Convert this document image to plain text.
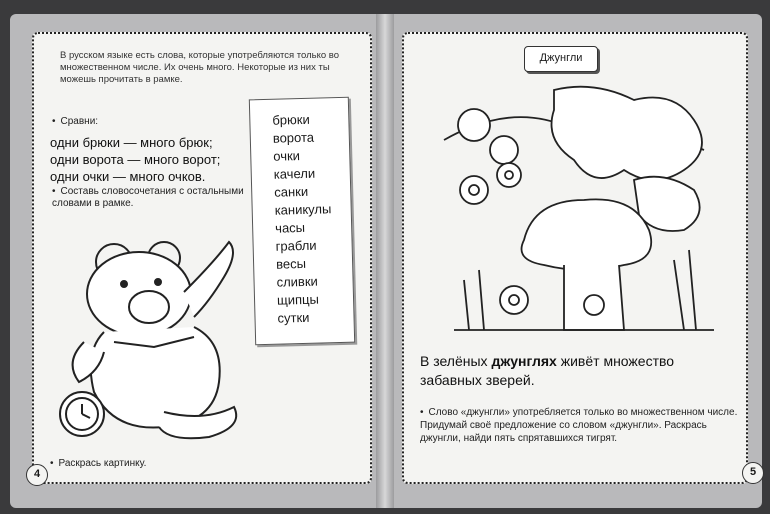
В русском языке есть слова, которые употребляются только во множественном числе. Их очень много. Некоторые из них ты можешь прочитать в рамке.
• Сравни:
одни брюки — много брюк;
одни ворота — много ворот;
одни очки — много очков.
• Составь словосочетания с остальными словами в рамке.
брюки
ворота
очки
качели
санки
каникулы
часы
грабли
весы
сливки
щипцы
сутки
• Раскрась картинку.
4
Джунгли
В зелёных джунглях живёт множество забавных зверей.
• Слово «джунгли» употребляется только во множественном числе. Придумай своё предложение со словом «джунгли». Раскрась джунгли, найди пять спрятавшихся тигрят.
5
